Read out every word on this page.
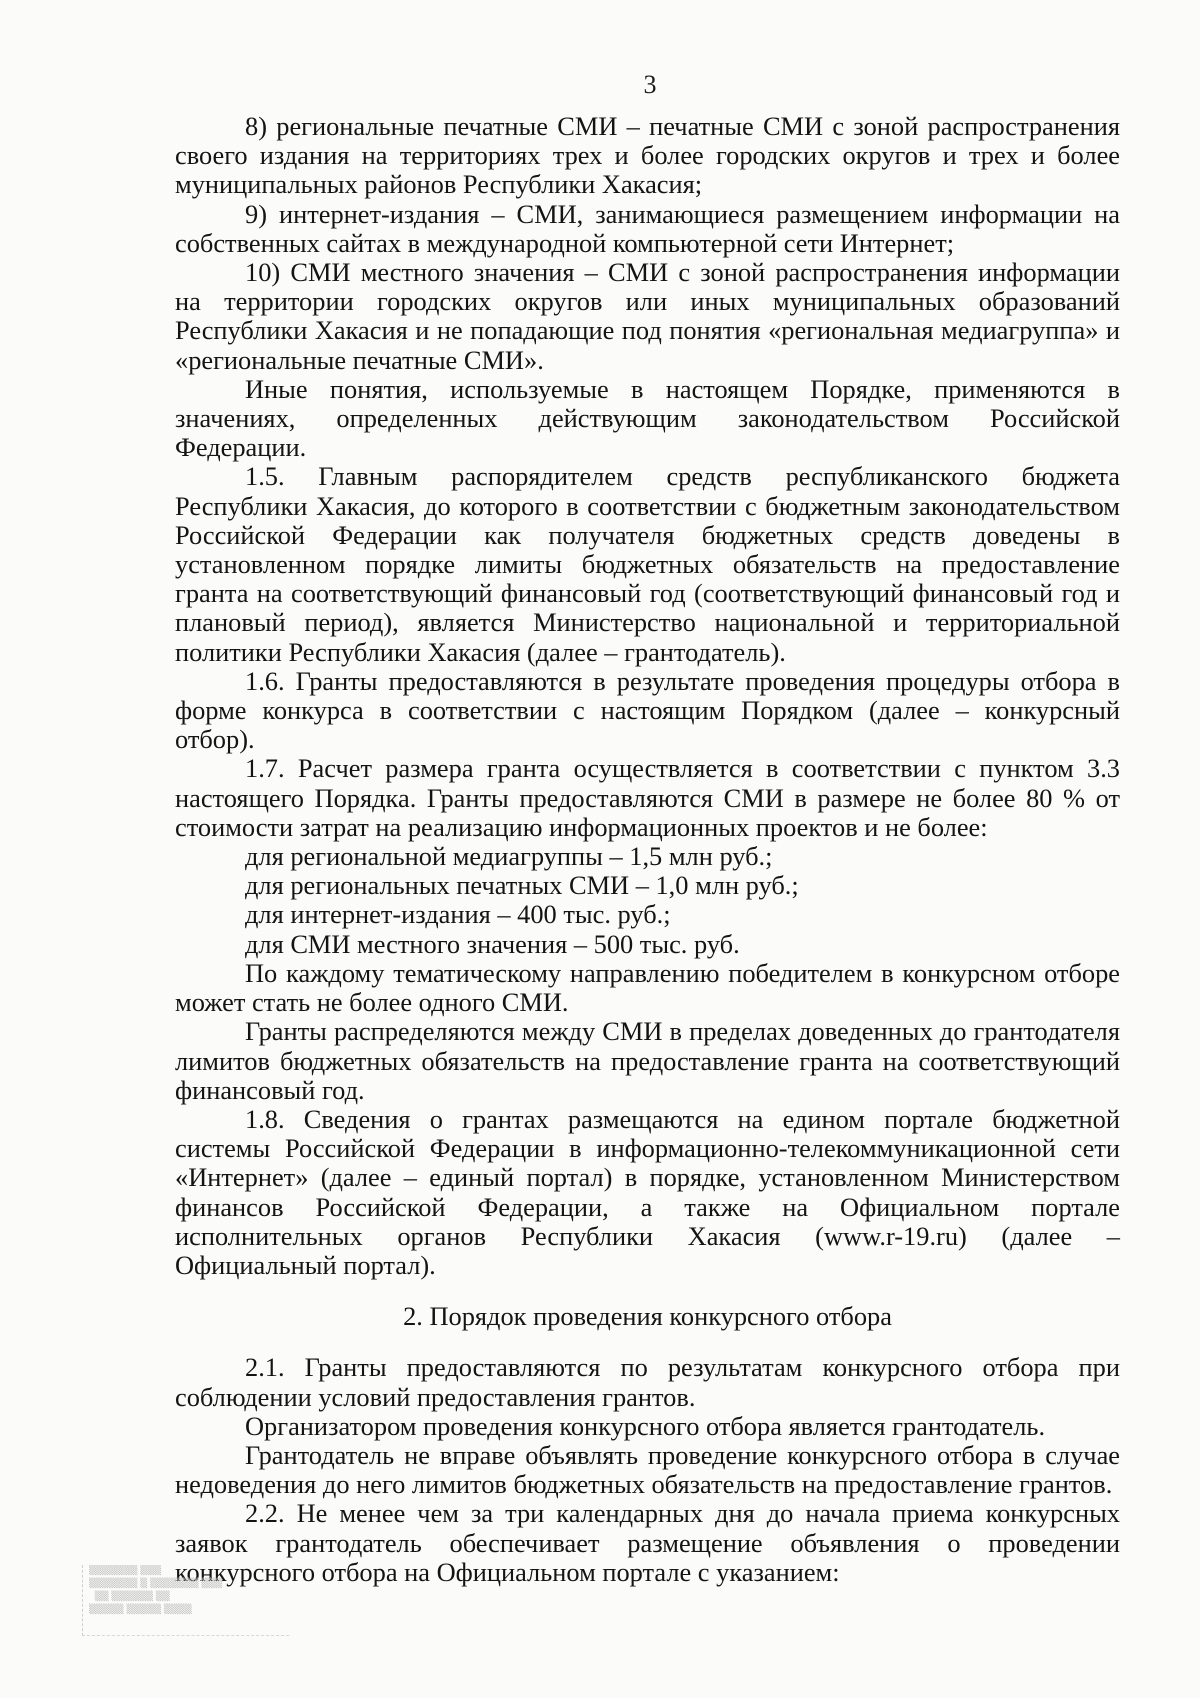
3

8) региональные печатные СМИ – печатные СМИ с зоной распространения своего издания на территориях трех и более городских округов и трех и более муниципальных районов Республики Хакасия;

9) интернет-издания – СМИ, занимающиеся размещением информации на собственных сайтах в международной компьютерной сети Интернет;

10) СМИ местного значения – СМИ с зоной распространения информации на территории городских округов или иных муниципальных образований Республики Хакасия и не попадающие под понятия «региональная медиагруппа» и «региональные печатные СМИ».

Иные понятия, используемые в настоящем Порядке, применяются в значениях, определенных действующим законодательством Российской Федерации.

1.5. Главным распорядителем средств республиканского бюджета Республики Хакасия, до которого в соответствии с бюджетным законодательством Российской Федерации как получателя бюджетных средств доведены в установленном порядке лимиты бюджетных обязательств на предоставление гранта на соответствующий финансовый год (соответствующий финансовый год и плановый период), является Министерство национальной и территориальной политики Республики Хакасия (далее – грантодатель).

1.6. Гранты предоставляются в результате проведения процедуры отбора в форме конкурса в соответствии с настоящим Порядком (далее – конкурсный отбор).

1.7. Расчет размера гранта осуществляется в соответствии с пунктом 3.3 настоящего Порядка. Гранты предоставляются СМИ в размере не более 80 % от стоимости затрат на реализацию информационных проектов и не более:

для региональной медиагруппы – 1,5 млн руб.;

для региональных печатных СМИ – 1,0 млн руб.;

для интернет-издания – 400 тыс. руб.;

для СМИ местного значения – 500 тыс. руб.

По каждому тематическому направлению победителем в конкурсном отборе может стать не более одного СМИ.

Гранты распределяются между СМИ в пределах доведенных до грантодателя лимитов бюджетных обязательств на предоставление гранта на соответствующий финансовый год.

1.8. Сведения о грантах размещаются на едином портале бюджетной системы Российской Федерации в информационно-телекоммуникационной сети «Интернет» (далее – единый портал) в порядке, установленном Министерством финансов Российской Федерации, а также на Официальном портале исполнительных органов Республики Хакасия (www.r-19.ru) (далее – Официальный портал).

2. Порядок проведения конкурсного отбора

2.1. Гранты предоставляются по результатам конкурсного отбора при соблюдении условий предоставления грантов.

Организатором проведения конкурсного отбора является грантодатель.

Грантодатель не вправе объявлять проведение конкурсного отбора в случае недоведения до него лимитов бюджетных обязательств на предоставление грантов.

2.2. Не менее чем за три календарных дня до начала приема конкурсных заявок грантодатель обеспечивает размещение объявления о проведении конкурсного отбора на Официальном портале с указанием:

▒▒▒▒▒▒▒ ▒▒▒
▒▒▒▒▒▒▒ ▒ ▒▒▒▒▒▒▒ ▒▒▒
▒▒ ▒▒▒▒▒▒ ▒▒
▒▒▒▒▒ ▒▒▒▒▒ ▒▒▒▒
